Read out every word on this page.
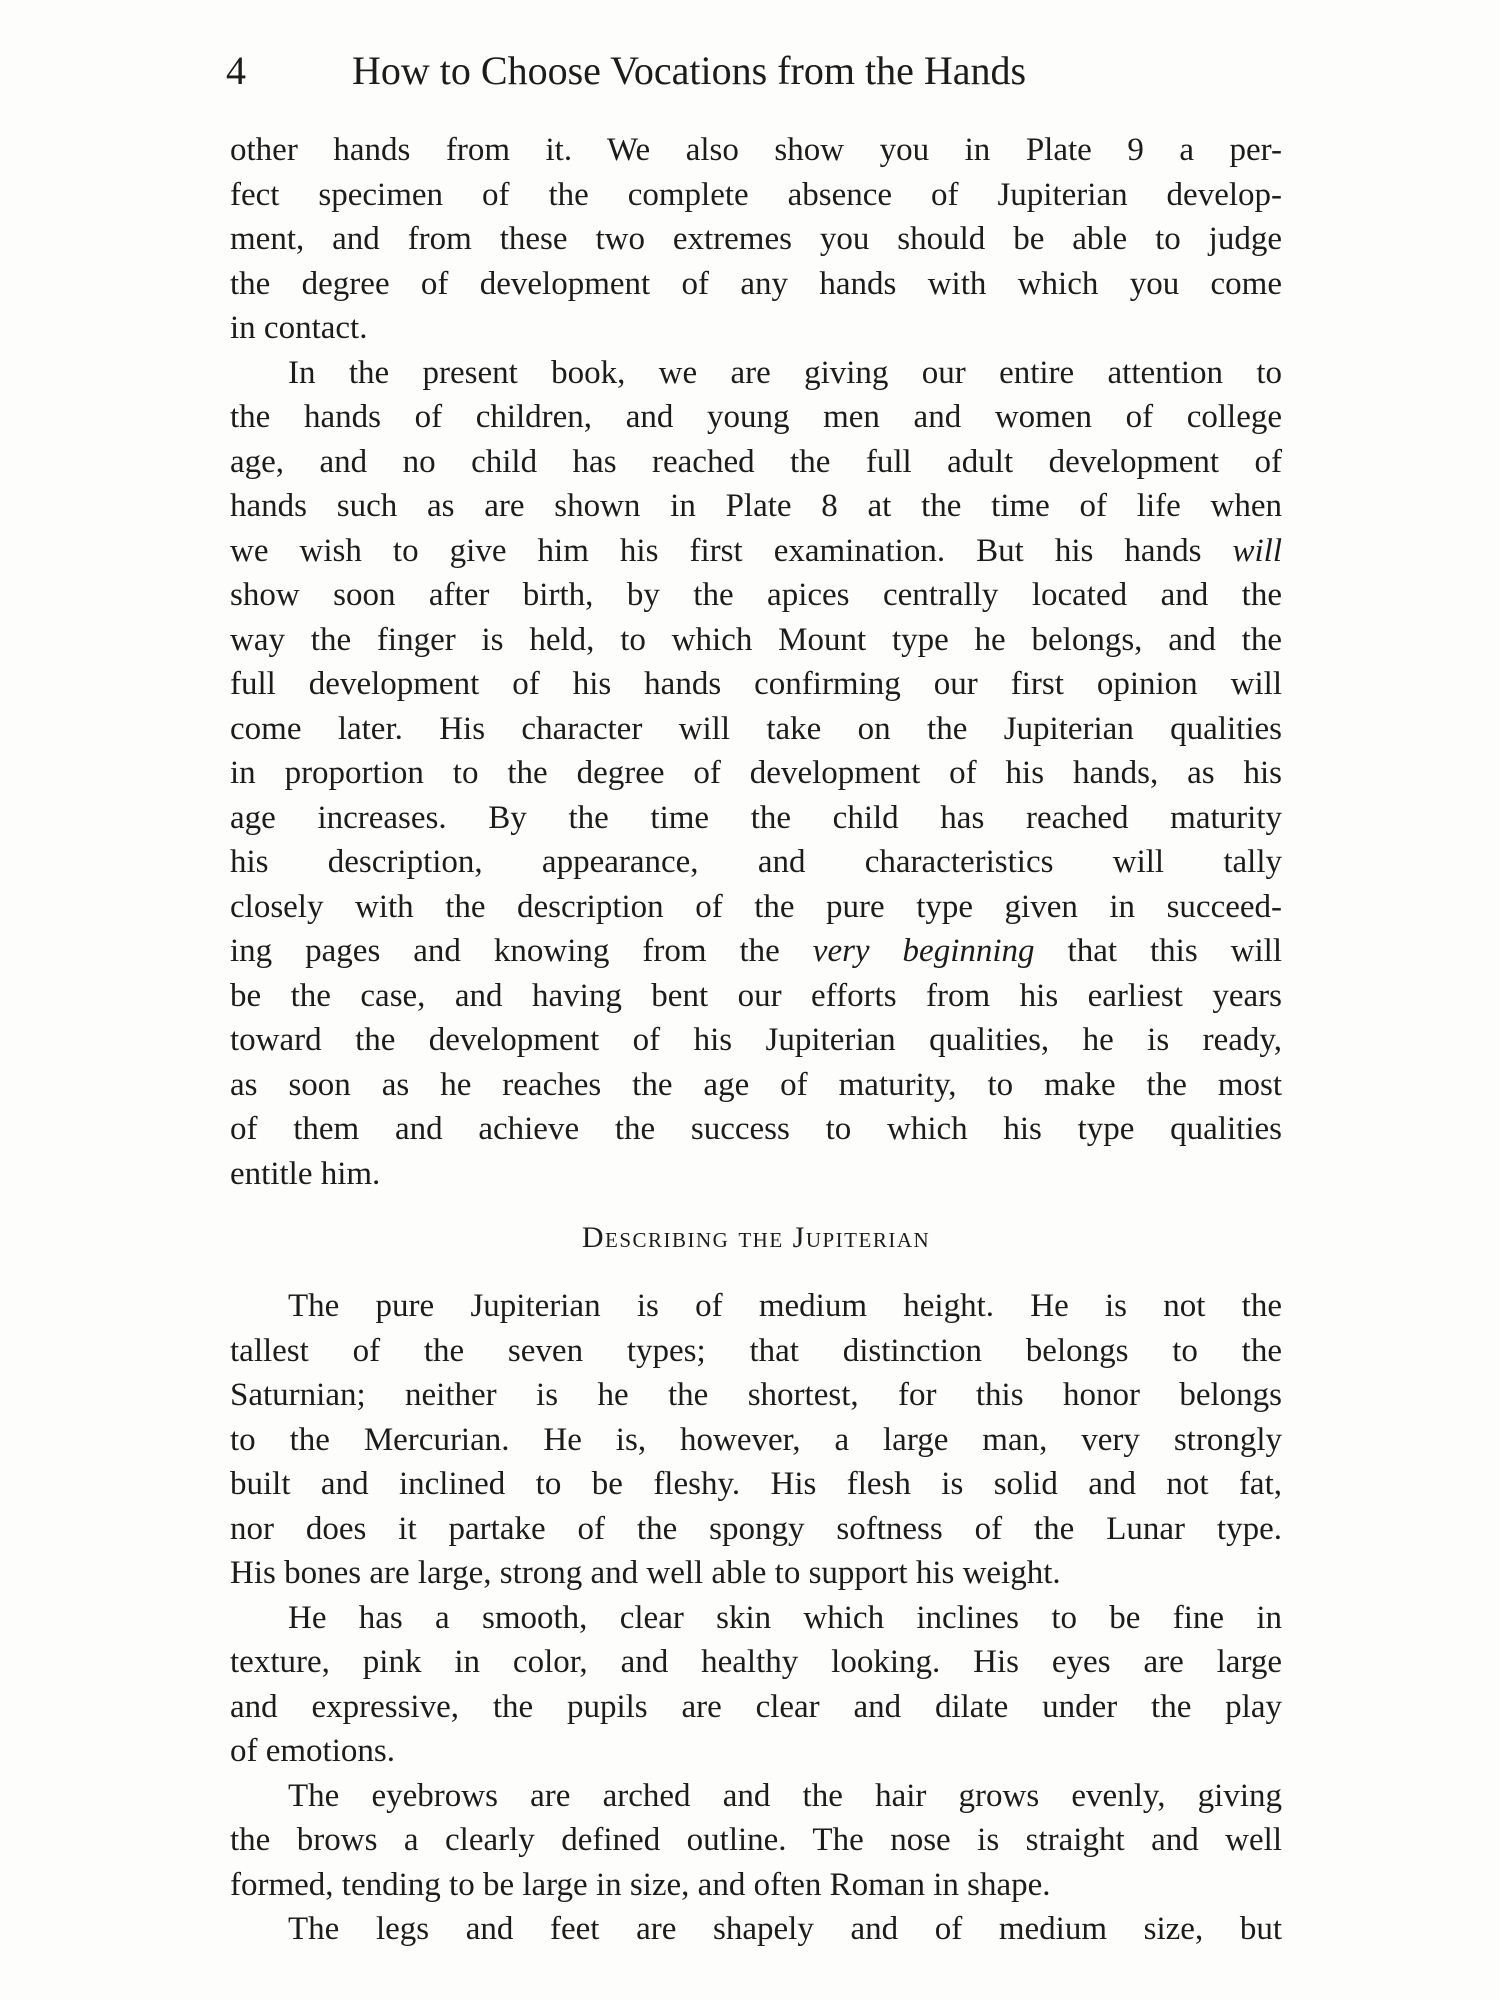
4	How to Choose Vocations from the Hands

other hands from it. We also show you in Plate 9 a per-
fect specimen of the complete absence of Jupiterian develop-
ment, and from these two extremes you should be able to judge
the degree of development of any hands with which you come
in contact.

In the present book, we are giving our entire attention to
the hands of children, and young men and women of college
age, and no child has reached the full adult development of
hands such as are shown in Plate 8 at the time of life when
we wish to give him his first examination. But his hands will
show soon after birth, by the apices centrally located and the
way the finger is held, to which Mount type he belongs, and the
full development of his hands confirming our first opinion will
come later. His character will take on the Jupiterian qualities
in proportion to the degree of development of his hands, as his
age increases. By the time the child has reached maturity
his description, appearance, and characteristics will tally
closely with the description of the pure type given in succeed-
ing pages and knowing from the very beginning that this will
be the case, and having bent our efforts from his earliest years
toward the development of his Jupiterian qualities, he is ready,
as soon as he reaches the age of maturity, to make the most
of them and achieve the success to which his type qualities
entitle him.

Describing the Jupiterian

The pure Jupiterian is of medium height. He is not the
tallest of the seven types; that distinction belongs to the
Saturnian; neither is he the shortest, for this honor belongs
to the Mercurian. He is, however, a large man, very strongly
built and inclined to be fleshy. His flesh is solid and not fat,
nor does it partake of the spongy softness of the Lunar type.
His bones are large, strong and well able to support his weight.

He has a smooth, clear skin which inclines to be fine in
texture, pink in color, and healthy looking. His eyes are large
and expressive, the pupils are clear and dilate under the play
of emotions.

The eyebrows are arched and the hair grows evenly, giving
the brows a clearly defined outline. The nose is straight and well
formed, tending to be large in size, and often Roman in shape.

The legs and feet are shapely and of medium size, but
